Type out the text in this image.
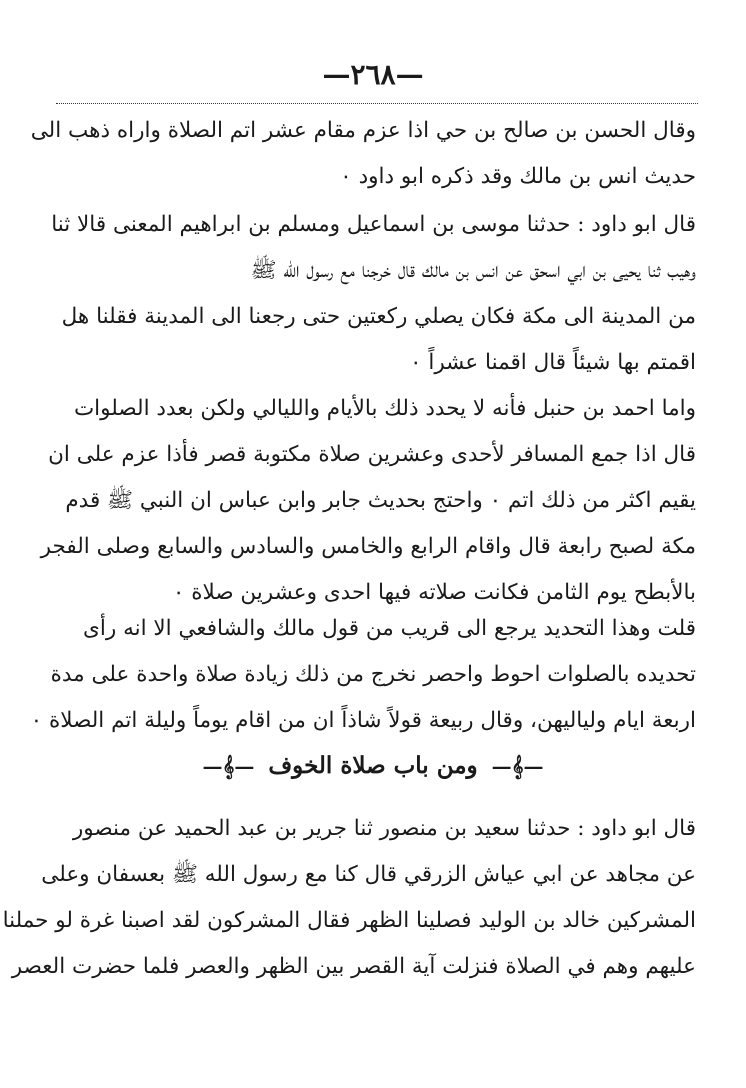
—٢٦٨—
وقال الحسن بن صالح بن حي اذا عزم مقام عشر اتم الصلاة واراه ذهب الى
حديث انس بن مالك وقد ذكره ابو داود ٠
قال ابو داود : حدثنا موسى بن اسماعيل ومسلم بن ابراهيم المعنى قالا ثنا
وهيب ثنا يحيى بن ابي اسحق عن انس بن مالك قال خرجنا مع رسول الله ﷺ
من المدينة الى مكة فكان يصلي ركعتين حتى رجعنا الى المدينة فقلنا هل
اقمتم بها شيئاً قال اقمنا عشراً ٠
واما احمد بن حنبل فأنه لا يحدد ذلك بالأيام والليالي ولكن بعدد الصلوات
قال اذا جمع المسافر لأحدى وعشرين صلاة مكتوبة قصر فأذا عزم على ان
يقيم اكثر من ذلك اتم ٠ واحتج بحديث جابر وابن عباس ان النبي ﷺ قدم
مكة لصبح رابعة قال واقام الرابع والخامس والسادس والسابع وصلى الفجر
بالأبطح يوم الثامن فكانت صلاته فيها احدى وعشرين صلاة ٠
قلت وهذا التحديد يرجع الى قريب من قول مالك والشافعي الا انه رأى
تحديده بالصلوات احوط واحصر نخرج من ذلك زيادة صلاة واحدة على مدة
اربعة ايام ولياليهن، وقال ربيعة قولاً شاذاً ان من اقام يوماً وليلة اتم الصلاة ٠
—𝄞— ومن باب صلاة الخوف —𝄞—
قال ابو داود : حدثنا سعيد بن منصور ثنا جرير بن عبد الحميد عن منصور
عن مجاهد عن ابي عياش الزرقي قال كنا مع رسول الله ﷺ بعسفان وعلى
المشركين خالد بن الوليد فصلينا الظهر فقال المشركون لقد اصبنا غرة لو حملنا
عليهم وهم في الصلاة فنزلت آية القصر بين الظهر والعصر فلما حضرت العصر
